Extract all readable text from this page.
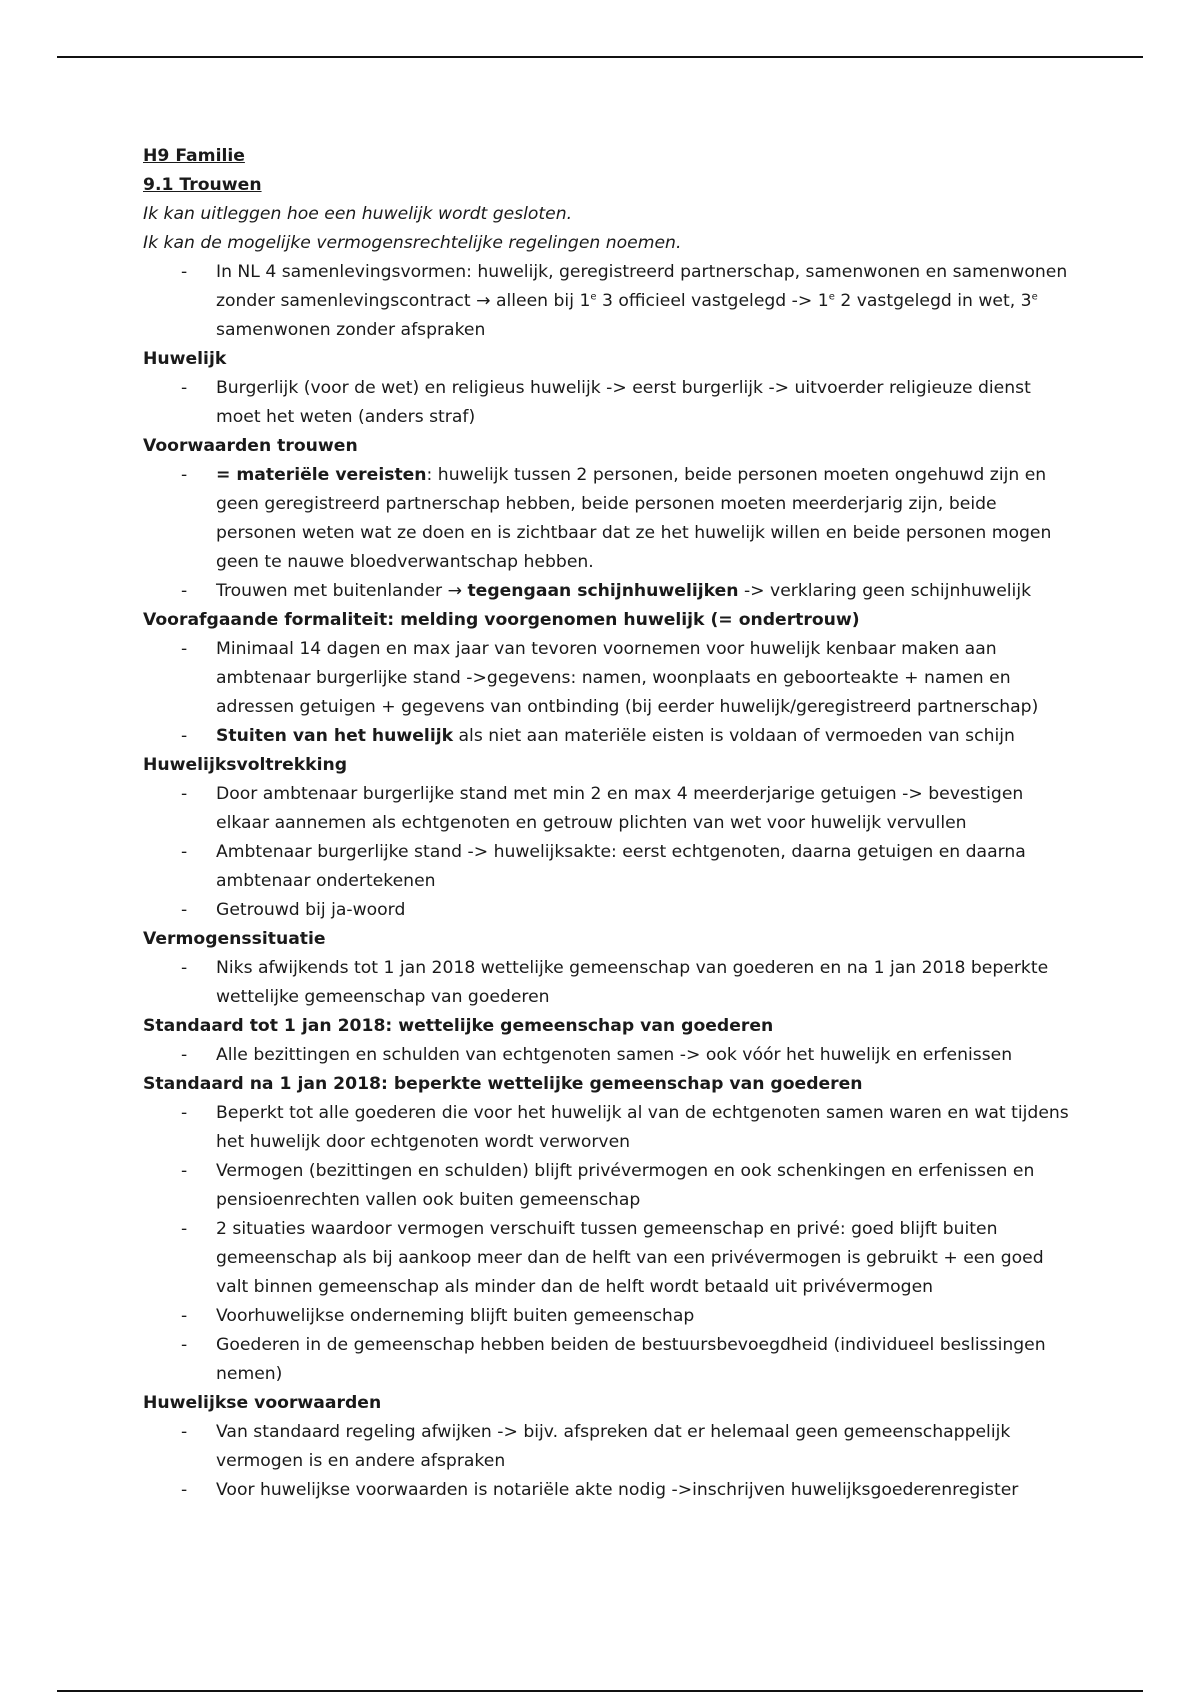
H9 Familie
9.1 Trouwen
Ik kan uitleggen hoe een huwelijk wordt gesloten.
Ik kan de mogelijke vermogensrechtelijke regelingen noemen.
- In NL 4 samenlevingsvormen: huwelijk, geregistreerd partnerschap, samenwonen en samenwonen zonder samenlevingscontract → alleen bij 1e 3 officieel vastgelegd -> $1^e$ 2 vastgelegd in wet, 3e samenwonen zonder afspraken
Huwelijk
- Burgerlijk (voor de wet) en religieus huwelijk -> eerst burgerlijk -> uitvoerder religieuze dienst moet het weten (anders straf)
Voorwaarden trouwen
- = materiële vereisten: huwelijk tussen 2 personen, beide personen moeten ongehuwd zijn en geen geregistreerd partnerschap hebben, beide personen moeten meerderjarig zijn, beide personen weten wat ze doen en is zichtbaar dat ze het huwelijk willen en beide personen mogen geen te nauwe bloedverwantschap hebben.
- Trouwen met buitenlander → tegengaan schijnhuwelijken -> verklaring geen schijnhuwelijk
Voorafgaande formaliteit: melding voorgenomen huwelijk (= ondertrouw)
- Minimaal 14 dagen en max jaar van tevoren voornemen voor huwelijk kenbaar maken aan ambtenaar burgerlijke stand ->gegevens: namen, woonplaats en geboorteakte + namen en adressen getuigen + gegevens van ontbinding (bij eerder huwelijk/geregistreerd partnerschap)
- Stuiten van het huwelijk als niet aan materiële eisten is voldaan of vermoeden van schijn
Huwelijksvoltrekking
- Door ambtenaar burgerlijke stand met min 2 en max 4 meerderjarige getuigen -> bevestigen elkaar aannemen als echtgenoten en getrouw plichten van wet voor huwelijk vervullen
- Ambtenaar burgerlijke stand -> huwelijksakte: eerst echtgenoten, daarna getuigen en daarna ambtenaar ondertekenen
- Getrouwd bij ja-woord
Vermogenssituatie
- Niks afwijkends tot 1 jan 2018 wettelijke gemeenschap van goederen en na 1 jan 2018 beperkte wettelijke gemeenschap van goederen
Standaard tot 1 jan 2018: wettelijke gemeenschap van goederen
- Alle bezittingen en schulden van echtgenoten samen -> ook vóór het huwelijk en erfenissen
Standaard na 1 jan 2018: beperkte wettelijke gemeenschap van goederen
- Beperkt tot alle goederen die voor het huwelijk al van de echtgenoten samen waren en wat tijdens het huwelijk door echtgenoten wordt verworven
- Vermogen (bezittingen en schulden) blijft privévermogen en ook schenkingen en erfenissen en pensioenrechten vallen ook buiten gemeenschap
- 2 situaties waardoor vermogen verschuift tussen gemeenschap en privé: goed blijft buiten gemeenschap als bij aankoop meer dan de helft van een privévermogen is gebruikt + een goed valt binnen gemeenschap als minder dan de helft wordt betaald uit privévermogen
- Voorhuwelijkse onderneming blijft buiten gemeenschap
- Goederen in de gemeenschap hebben beiden de bestuursbevoegdheid (individueel beslissingen nemen)
Huwelijkse voorwaarden
- Van standaard regeling afwijken -> bijv. afspreken dat er helemaal geen gemeenschappelijk vermogen is en andere afspraken
- Voor huwelijkse voorwaarden is notariële akte nodig ->inschrijven huwelijksgoederenregister
